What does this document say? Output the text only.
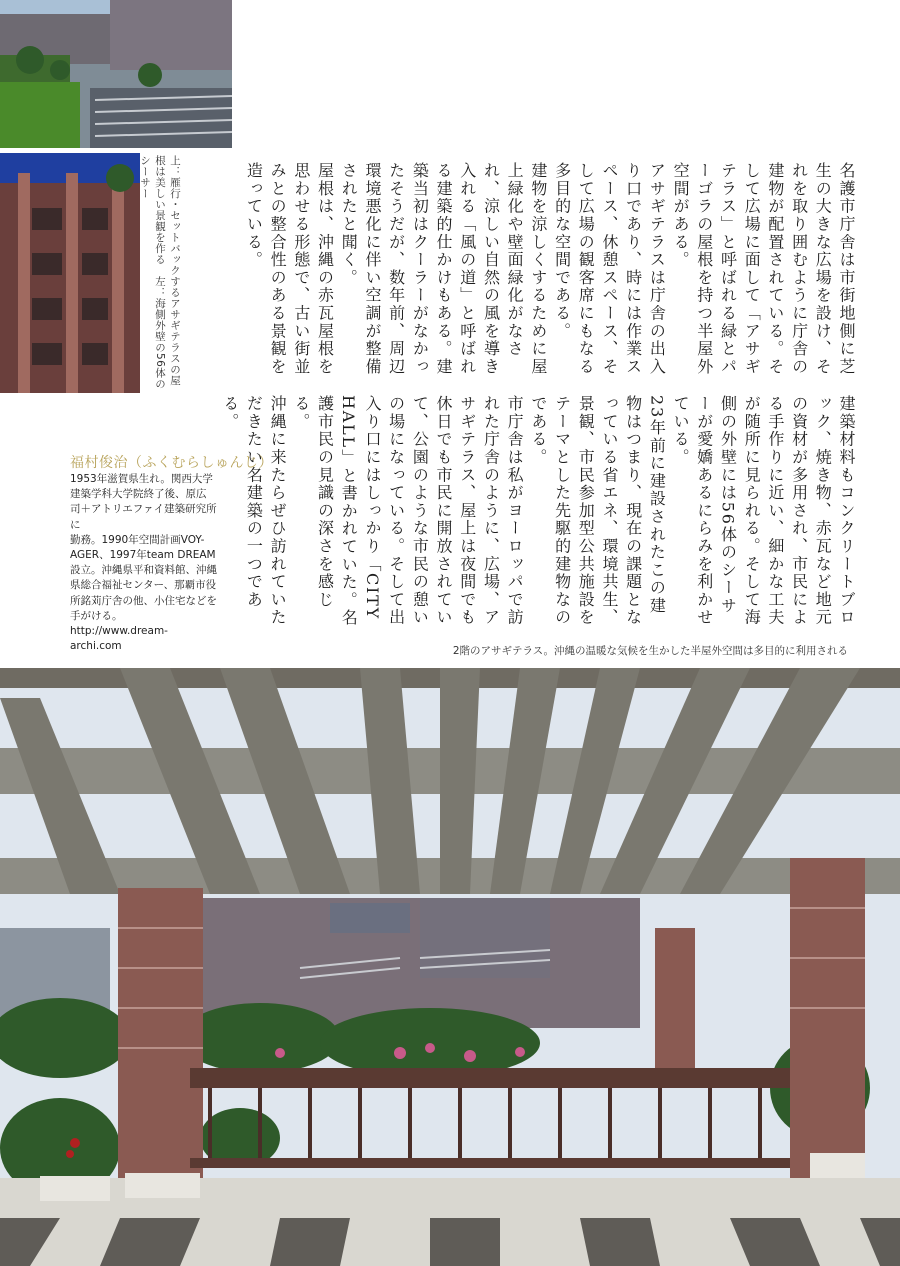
上：雁行・セットバックするアサギテラスの屋根は美しい景観を作る　左：海側外壁の56体のシーサー	名護市庁舎は市街地側に芝生の大きな広場を設け、それを取り囲むように庁舎の建物が配置されている。そして広場に面して「アサギテラス」と呼ばれる緑とパーゴラの屋根を持つ半屋外空間がある。

アサギテラスは庁舎の出入り口であり、時には作業スペース、休憩スペース、そして広場の観客席にもなる多目的な空間である。

建物を涼しくするために屋上緑化や壁面緑化がなされ、涼しい自然の風を導き入れる「風の道」と呼ばれる建築的仕かけもある。建築当初はクーラーがなかったそうだが、数年前、周辺環境悪化に伴い空調が整備されたと聞く。

屋根は、沖縄の赤瓦屋根を思わせる形態で、古い街並みとの整合性のある景観を造っている。

建築材料もコンクリートブロック、焼き物、赤瓦など地元の資材が多用され、市民による手作りに近い、細かな工夫が随所に見られる。そして海側の外壁には56体のシーサーが愛嬌あるにらみを利かせている。

23年前に建設されたこの建物はつまり、現在の課題となっている省エネ、環境共生、景観、市民参加型公共施設をテーマとした先駆的建物なのである。

市庁舎は私がヨーロッパで訪れた庁舎のように、広場、アサギテラス、屋上は夜間でも休日でも市民に開放されていて、公園のような市民の憩いの場になっている。そして出入り口にはしっかり「CITY HALL」と書かれていた。名護市民の見識の深さを感じる。

沖縄に来たらぜひ訪れていただきたい名建築の一つである。

福村俊治（ふくむらしゅんじ）
1953年滋賀県生れ。関西大学
建築学科大学院終了後、原広
司＋アトリエファイ建築研究所に
勤務。1990年空間計画VOY-
AGER、1997年team DREAM
設立。沖縄県平和資料館、沖縄
県総合福祉センター、那覇市役
所銘苅庁舎の他、小住宅などを
手がける。http://www.dream-
archi.com	2階のアサギテラス。沖縄の温暖な気候を生かした半屋外空間は多目的に利用される
